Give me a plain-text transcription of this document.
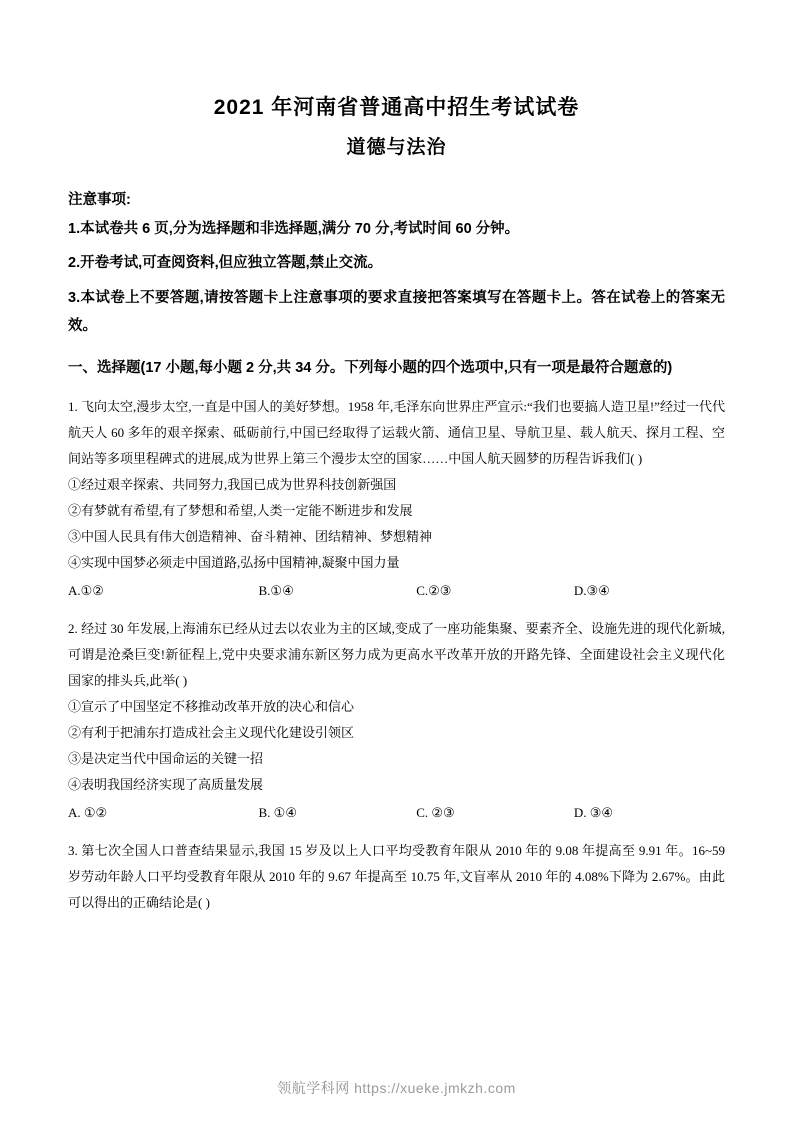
2021 年河南省普通高中招生考试试卷
道德与法治

注意事项:

1.本试卷共 6 页,分为选择题和非选择题,满分 70 分,考试时间 60 分钟。

2.开卷考试,可查阅资料,但应独立答题,禁止交流。

3.本试卷上不要答题,请按答题卡上注意事项的要求直接把答案填写在答题卡上。答在试卷上的答案无效。

一、选择题(17 小题,每小题 2 分,共 34 分。下列每小题的四个选项中,只有一项是最符合题意的)

1. 飞向太空,漫步太空,一直是中国人的美好梦想。1958 年,毛泽东向世界庄严宣示:“我们也要搞人造卫星!”经过一代代航天人 60 多年的艰辛探索、砥砺前行,中国已经取得了运载火箭、通信卫星、导航卫星、载人航天、探月工程、空间站等多项里程碑式的进展,成为世界上第三个漫步太空的国家……中国人航天圆梦的历程告诉我们( )

①经过艰辛探索、共同努力,我国已成为世界科技创新强国

②有梦就有希望,有了梦想和希望,人类一定能不断进步和发展

③中国人民具有伟大创造精神、奋斗精神、团结精神、梦想精神

④实现中国梦必须走中国道路,弘扬中国精神,凝聚中国力量

A.①②	B.①④	C.②③	D.③④

2. 经过 30 年发展,上海浦东已经从过去以农业为主的区域,变成了一座功能集聚、要素齐全、设施先进的现代化新城,可谓是沧桑巨变!新征程上,党中央要求浦东新区努力成为更高水平改革开放的开路先锋、全面建设社会主义现代化国家的排头兵,此举( )

①宣示了中国坚定不移推动改革开放的决心和信心

②有利于把浦东打造成社会主义现代化建设引领区

③是决定当代中国命运的关键一招

④表明我国经济实现了高质量发展

A. ①②	B. ①④	C. ②③	D. ③④

3. 第七次全国人口普查结果显示,我国 15 岁及以上人口平均受教育年限从 2010 年的 9.08 年提高至 9.91 年。16~59 岁劳动年龄人口平均受教育年限从 2010 年的 9.67 年提高至 10.75 年,文盲率从 2010 年的 4.08%下降为 2.67%。由此可以得出的正确结论是( )

领航学科网 https://xueke.jmkzh.com
